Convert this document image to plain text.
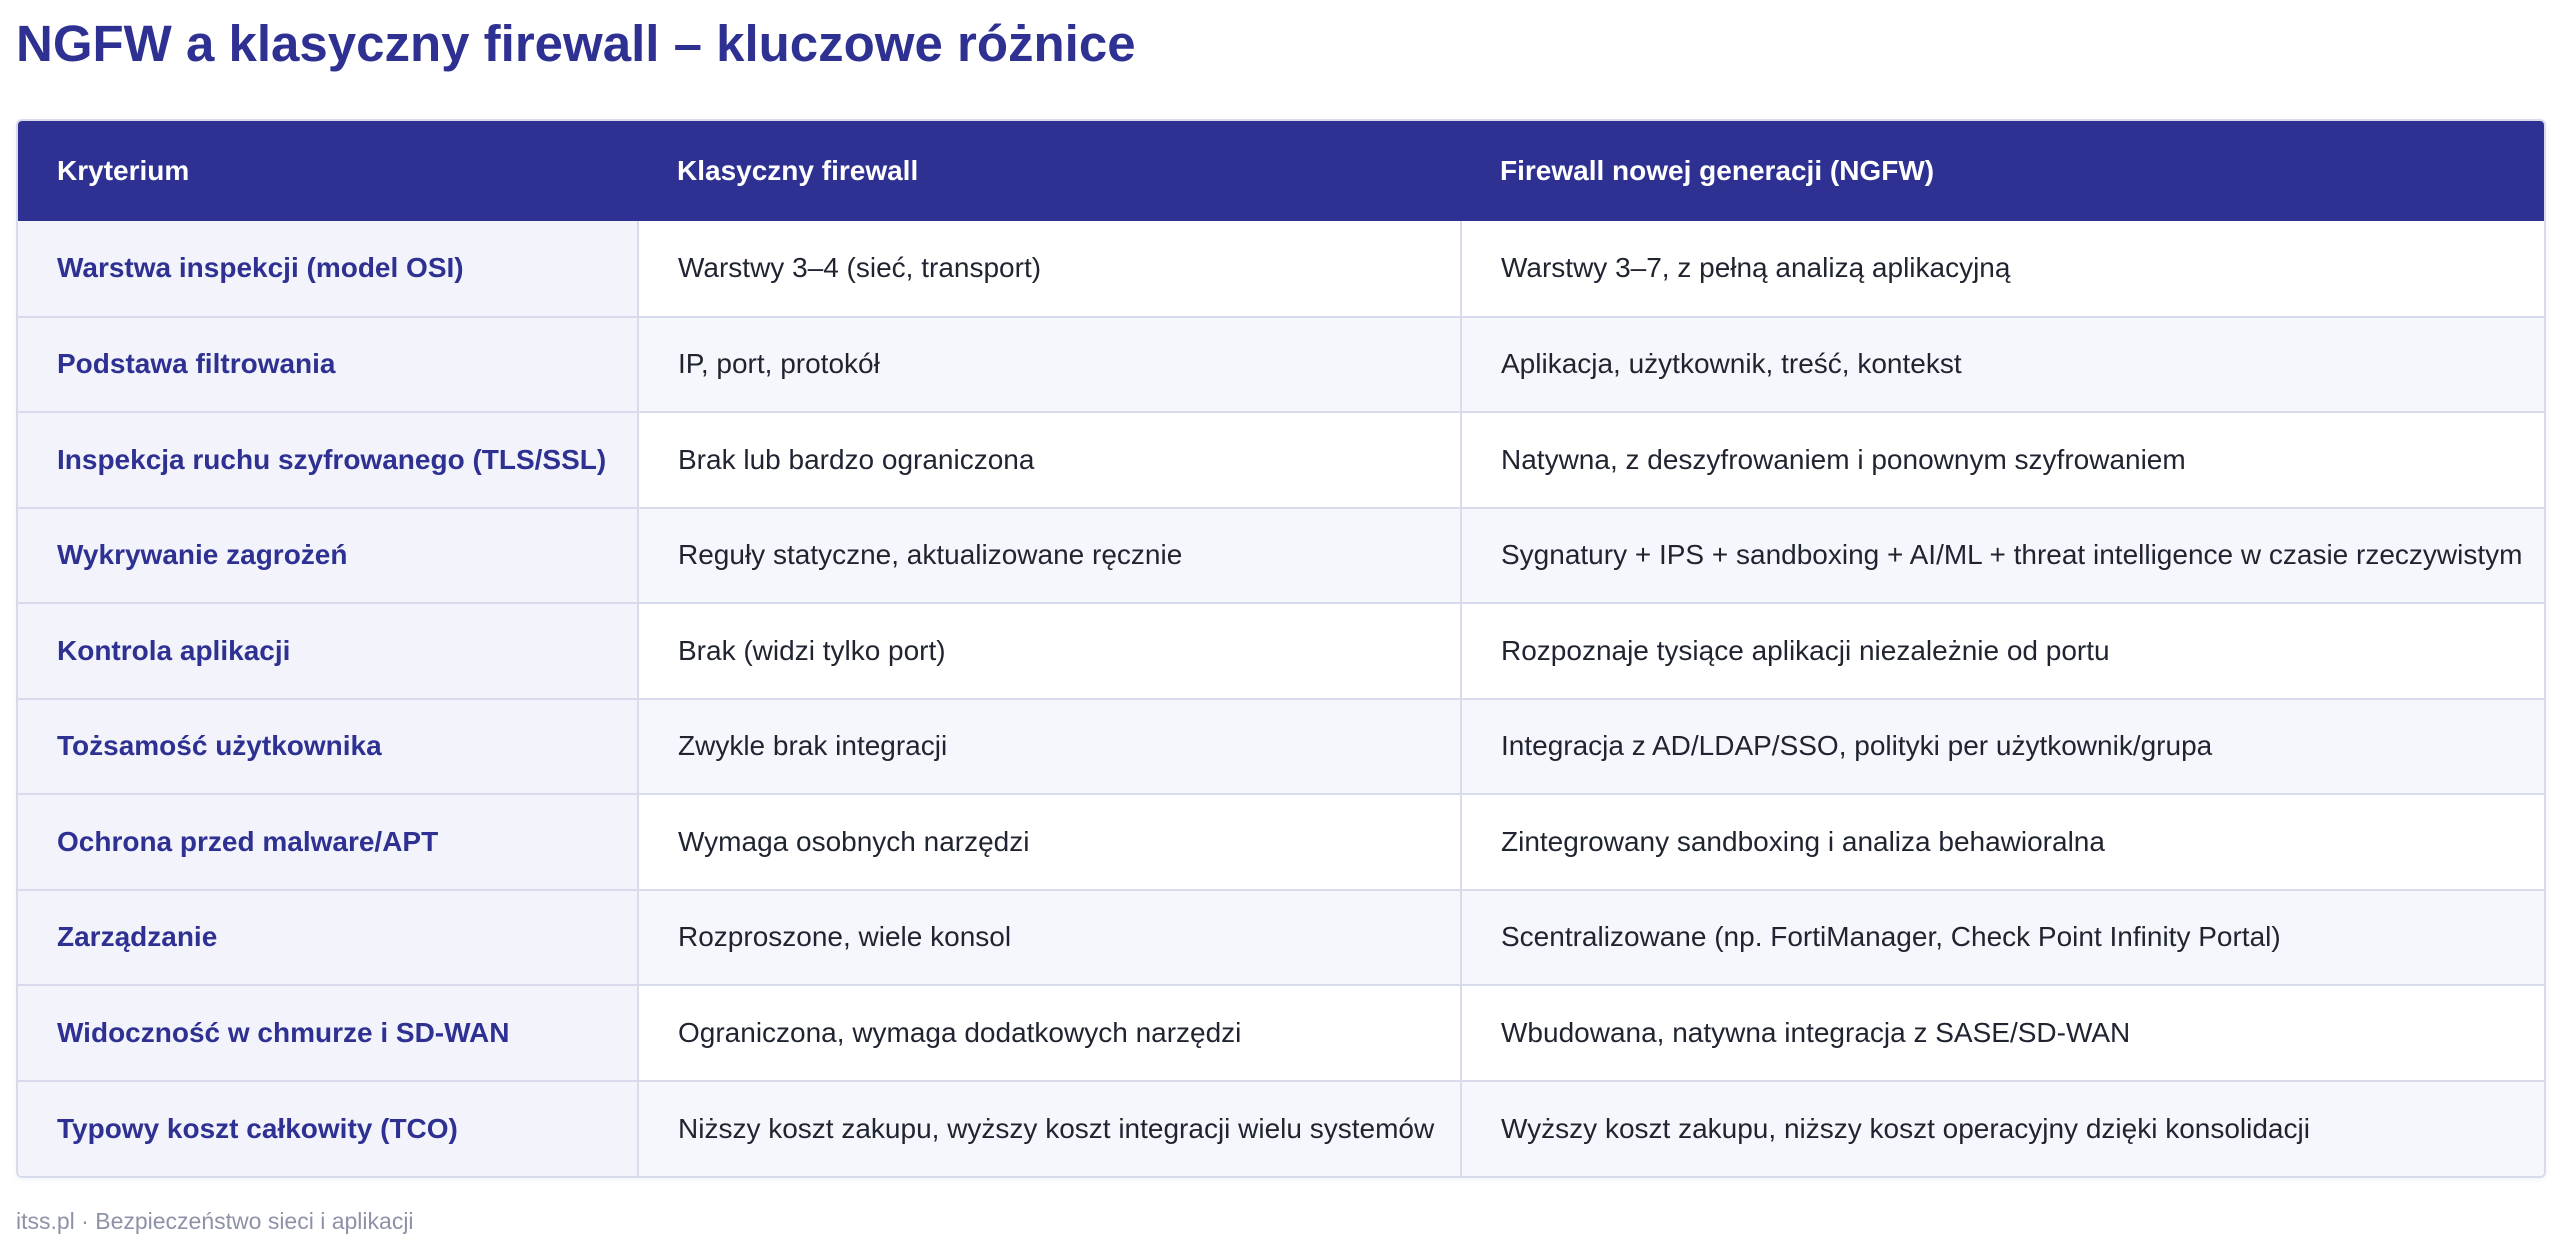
NGFW a klasyczny firewall – kluczowe różnice
Kryterium	Klasyczny firewall	Firewall nowej generacji (NGFW)
Warstwa inspekcji (model OSI)	Warstwy 3–4 (sieć, transport)	Warstwy 3–7, z pełną analizą aplikacyjną
Podstawa filtrowania	IP, port, protokół	Aplikacja, użytkownik, treść, kontekst
Inspekcja ruchu szyfrowanego (TLS/SSL)	Brak lub bardzo ograniczona	Natywna, z deszyfrowaniem i ponownym szyfrowaniem
Wykrywanie zagrożeń	Reguły statyczne, aktualizowane ręcznie	Sygnatury + IPS + sandboxing + AI/ML + threat intelligence w czasie rzeczywistym
Kontrola aplikacji	Brak (widzi tylko port)	Rozpoznaje tysiące aplikacji niezależnie od portu
Tożsamość użytkownika	Zwykle brak integracji	Integracja z AD/LDAP/SSO, polityki per użytkownik/grupa
Ochrona przed malware/APT	Wymaga osobnych narzędzi	Zintegrowany sandboxing i analiza behawioralna
Zarządzanie	Rozproszone, wiele konsol	Scentralizowane (np. FortiManager, Check Point Infinity Portal)
Widoczność w chmurze i SD-WAN	Ograniczona, wymaga dodatkowych narzędzi	Wbudowana, natywna integracja z SASE/SD-WAN
Typowy koszt całkowity (TCO)	Niższy koszt zakupu, wyższy koszt integracji wielu systemów	Wyższy koszt zakupu, niższy koszt operacyjny dzięki konsolidacji
itss.pl · Bezpieczeństwo sieci i aplikacji
